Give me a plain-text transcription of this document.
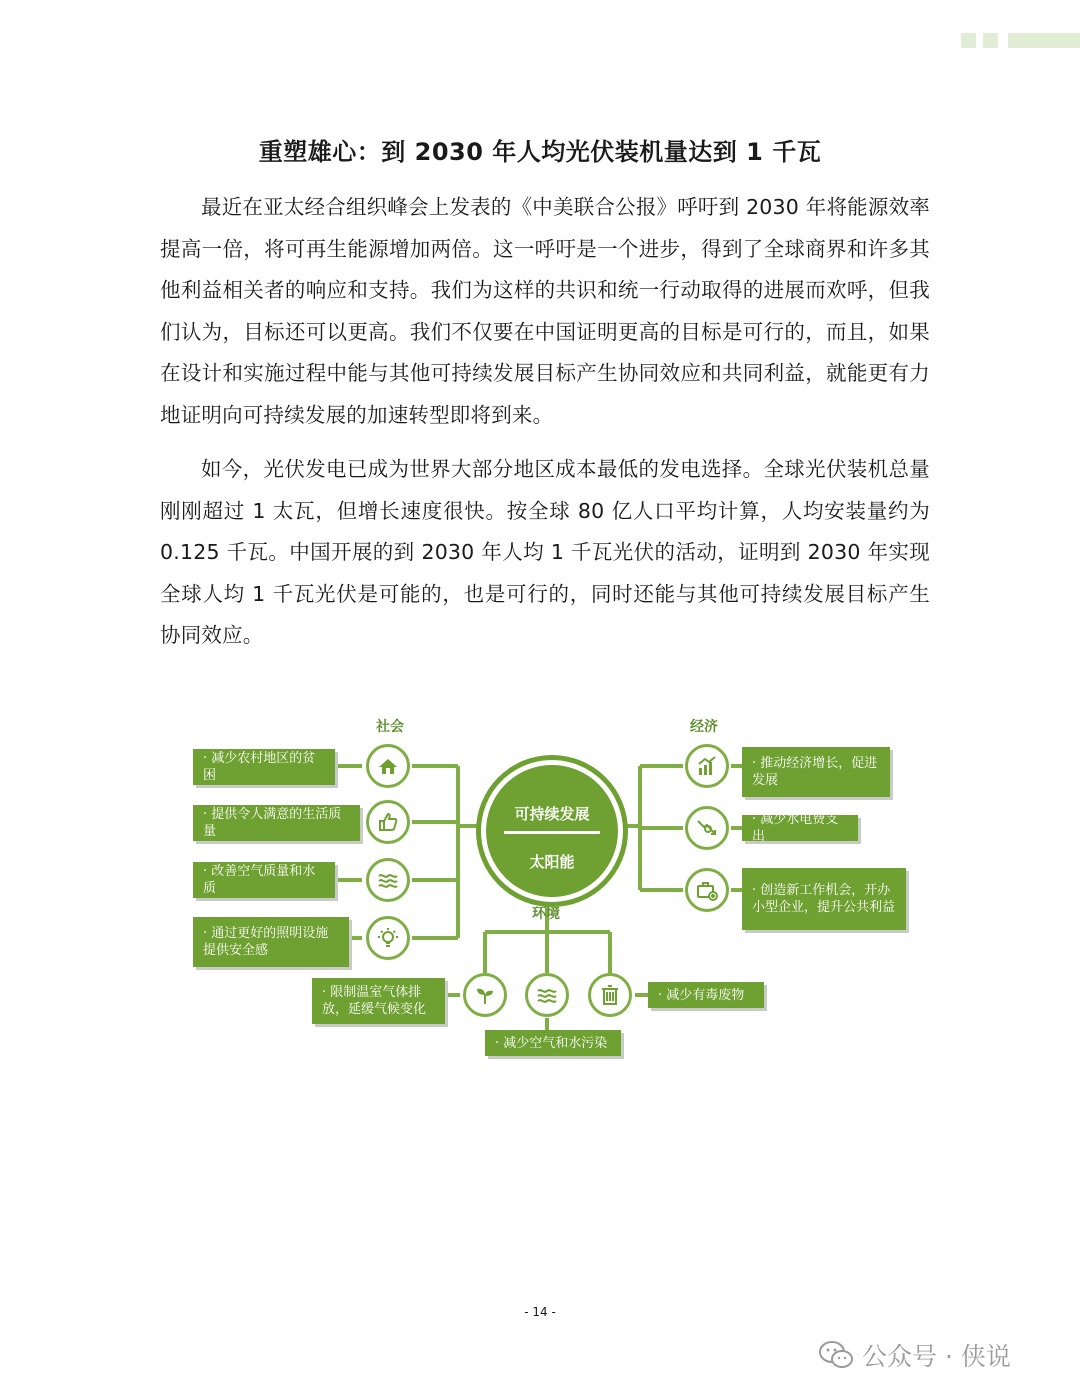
重塑雄心：到 2030 年人均光伏装机量达到 1 千瓦

最近在亚太经合组织峰会上发表的《中美联合公报》呼吁到 2030 年将能源效率提高一倍，将可再生能源增加两倍。这一呼吁是一个进步，得到了全球商界和许多其他利益相关者的响应和支持。我们为这样的共识和统一行动取得的进展而欢呼，但我们认为，目标还可以更高。我们不仅要在中国证明更高的目标是可行的，而且，如果在设计和实施过程中能与其他可持续发展目标产生协同效应和共同利益，就能更有力地证明向可持续发展的加速转型即将到来。

如今，光伏发电已成为世界大部分地区成本最低的发电选择。全球光伏装机总量刚刚超过 1 太瓦，但增长速度很快。按全球 80 亿人口平均计算，人均安装量约为 0.125 千瓦。中国开展的到 2030 年人均 1 千瓦光伏的活动，证明到 2030 年实现全球人均 1 千瓦光伏是可能的，也是可行的，同时还能与其他可持续发展目标产生协同效应。

社会	经济
环境
可持续发展
太阳能
· 减少农村地区的贫困
· 提供令人满意的生活质量
· 改善空气质量和水质
· 通过更好的照明设施提供安全感
· 推动经济增长，促进发展
· 减少水电费支出
· 创造新工作机会，开办小型企业，提升公共利益
· 限制温室气体排放，延缓气候变化
· 减少空气和水污染
· 减少有毒废物
- 14 -
公众号 · 侠说
